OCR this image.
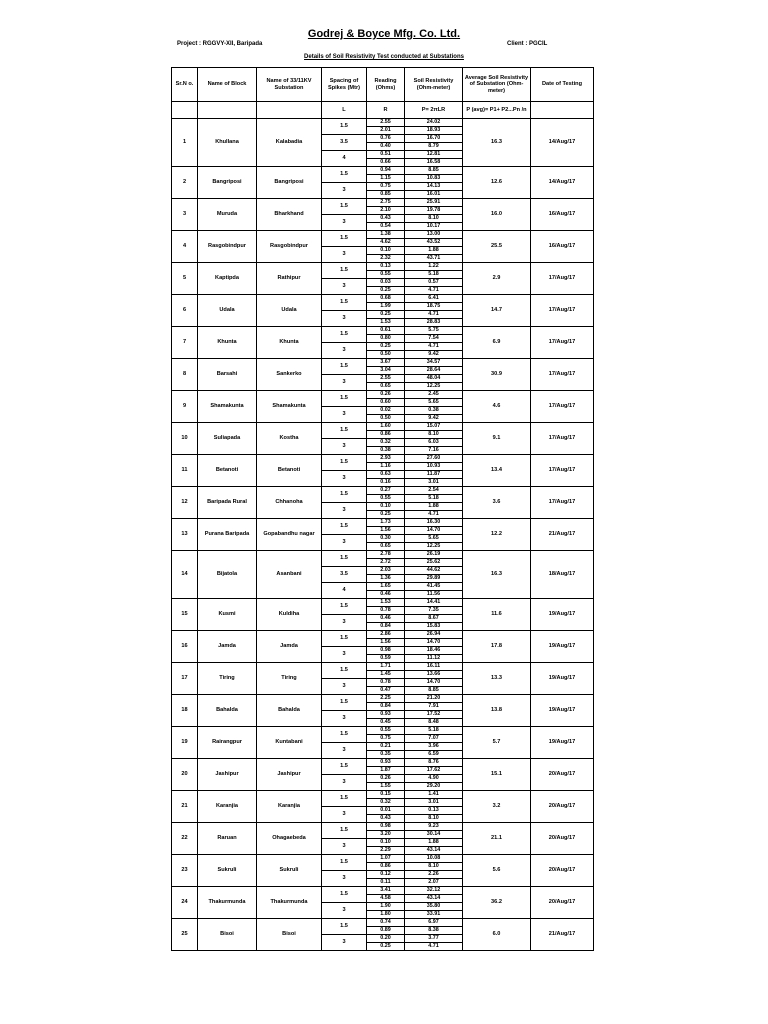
Godrej & Boyce Mfg. Co. Ltd.
Project : RGGVY-XII, Baripada	Client : PGCIL
Details of Soil Resistivity Test conducted at Substations
Sr.N o.	Name of Block	Name of 33/11KV Substation	Spacing of Spikes (Mtr)	Reading (Ohms)	Soil Resistivity (Ohm-meter)	Average Soil Resistivity of Substation (Ohm-meter)	Date of Testing
			L	R	P= 2πLR	P (avg)= P1+ P2...Pn /n	
1	Khullana	Kalabadia	1.5	2.55	24.02	16.3	14/Aug/17
				2.01	18.93		
			3.5	0.76	16.70		
				0.40	8.79		
			4	0.51	12.81		
				0.66	16.58		
2	Bangriposi	Bangriposi	1.5	0.94	8.85	12.6	14/Aug/17
				1.15	10.83		
			3	0.75	14.13		
				0.85	16.01		
3	Muruda	Bharkhand	1.5	2.75	25.91	16.0	16/Aug/17
				2.10	19.78		
			3	0.43	8.10		
				0.54	10.17		
4	Rasgobindpur	Rasgobindpur	1.5	1.38	13.00	25.5	16/Aug/17
				4.62	43.52		
			3	0.10	1.88		
				2.32	43.71		
5	Kaptipda	Rathipur	1.5	0.13	1.22	2.9	17/Aug/17
				0.55	5.18		
			3	0.03	0.57		
				0.25	4.71		
6	Udala	Udala	1.5	0.68	6.41	14.7	17/Aug/17
				1.99	18.75		
			3	0.25	4.71		
				1.53	28.83		
7	Khunta	Khunta	1.5	0.61	5.75	6.9	17/Aug/17
				0.80	7.54		
			3	0.25	4.71		
				0.50	9.42		
8	Barsahi	Sankerko	1.5	3.67	34.57	30.9	17/Aug/17
				3.04	28.64		
			3	2.55	48.04		
				0.65	12.25		
9	Shamakunta	Shamakunta	1.5	0.26	2.45	4.6	17/Aug/17
				0.60	5.65		
			3	0.02	0.38		
				0.50	9.42		
10	Suliapada	Kostha	1.5	1.60	15.07	9.1	17/Aug/17
				0.86	8.10		
			3	0.32	6.03		
				0.38	7.16		
11	Betanoti	Betanoti	1.5	2.93	27.60	13.4	17/Aug/17
				1.16	10.93		
			3	0.63	11.87		
				0.16	3.01		
12	Baripada Rural	Chhanoha	1.5	0.27	2.54	3.6	17/Aug/17
				0.55	5.18		
			3	0.10	1.88		
				0.25	4.71		
13	Purana Baripada	Gopabandhu nagar	1.5	1.73	16.30	12.2	21/Aug/17
				1.56	14.70		
			3	0.30	5.65		
				0.65	12.25		
14	Bijatola	Asanbani	1.5	2.78	26.19	16.3	18/Aug/17
				2.72	25.62		
			3.5	2.03	44.62		
				1.36	29.89		
			4	1.65	41.45		
				0.46	11.56		
15	Kusmi	Kuldiha	1.5	1.53	14.41	11.6	19/Aug/17
				0.78	7.35		
			3	0.46	8.67		
				0.84	15.83		
16	Jamda	Jamda	1.5	2.86	26.94	17.8	19/Aug/17
				1.56	14.70		
			3	0.98	18.46		
				0.59	11.12		
17	Tiring	Tiring	1.5	1.71	16.11	13.3	19/Aug/17
				1.45	13.66		
			3	0.78	14.70		
				0.47	8.85		
18	Bahalda	Bahalda	1.5	2.25	21.20	13.8	19/Aug/17
				0.84	7.91		
			3	0.93	17.52		
				0.45	8.48		
19	Rairangpur	Kuntabani	1.5	0.55	5.18	5.7	19/Aug/17
				0.75	7.07		
			3	0.21	3.96		
				0.35	6.59		
20	Jashipur	Jashipur	1.5	0.93	8.76	15.1	20/Aug/17
				1.87	17.62		
			3	0.26	4.90		
				1.55	29.20		
21	Karanjia	Karanjia	1.5	0.15	1.41	3.2	20/Aug/17
				0.32	3.01		
			3	0.01	0.13		
				0.43	8.10		
22	Raruan	Ohagaebeda	1.5	0.98	9.23	21.1	20/Aug/17
				3.20	30.14		
			3	0.10	1.88		
				2.29	43.14		
23	Sukruli	Sukruli	1.5	1.07	10.08	5.6	20/Aug/17
				0.86	8.10		
			3	0.12	2.26		
				0.11	2.07		
24	Thakurmunda	Thakurmunda	1.5	3.41	32.12	36.2	20/Aug/17
				4.58	43.14		
			3	1.90	35.80		
				1.80	33.91		
25	Bisoi	Bisoi	1.5	0.74	6.97	6.0	21/Aug/17
				0.89	8.38		
			3	0.20	3.77		
				0.25	4.71		
